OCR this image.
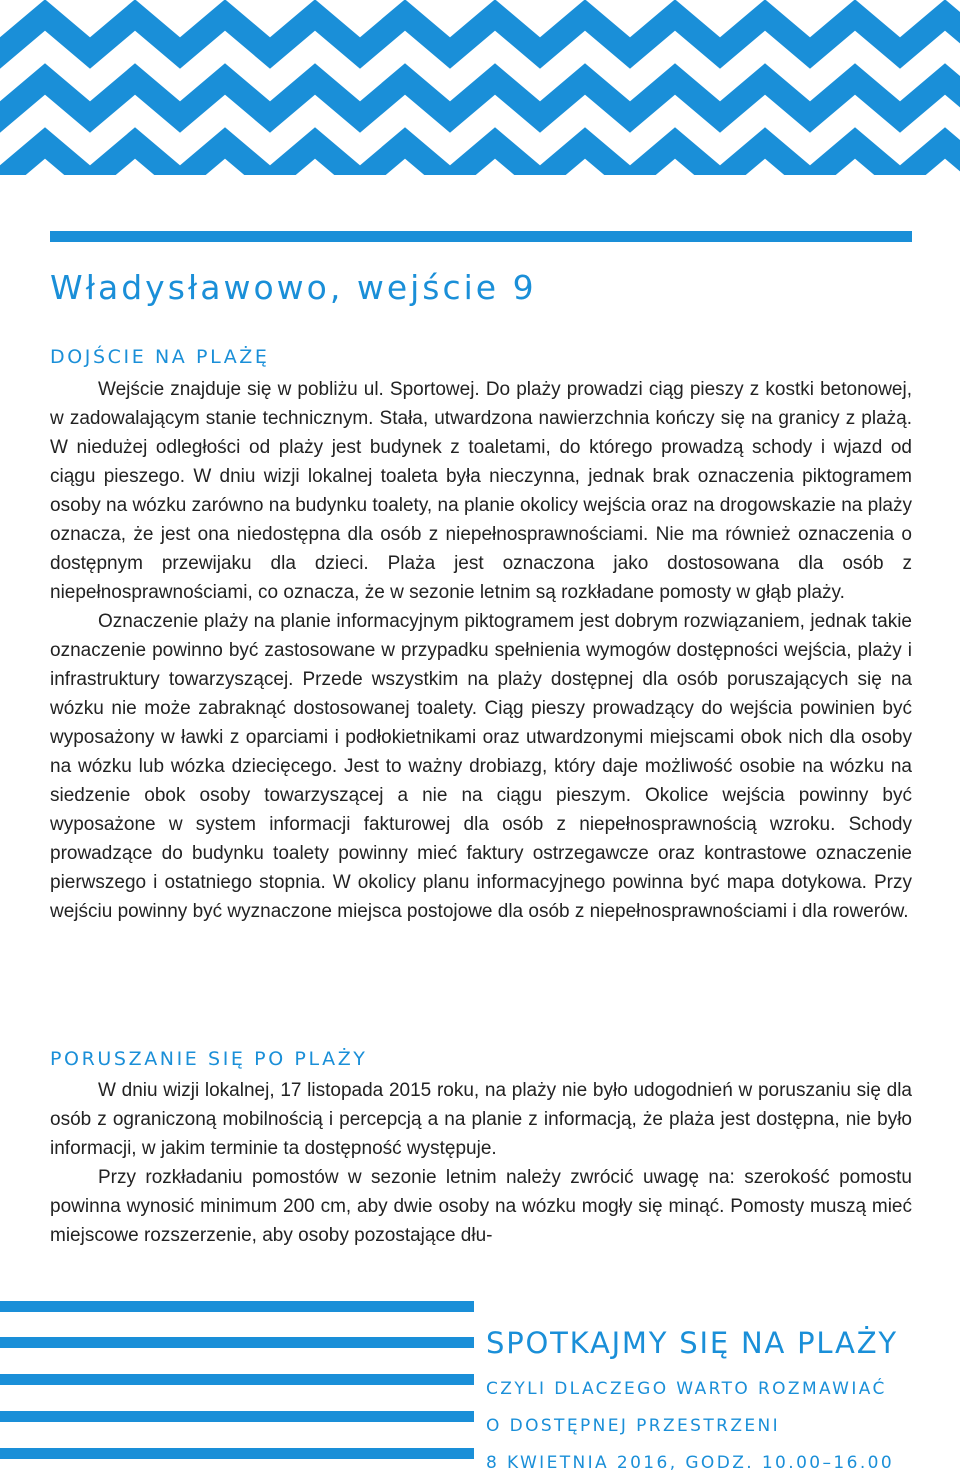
Władysławowo, wejście 9
DOJŚCIE NA PLAŻĘ

Wejście znajduje się w pobliżu ul. Sportowej. Do plaży prowadzi ciąg pieszy z kostki betonowej, w zadowalającym stanie technicznym. Stała, utwardzona nawierzchnia kończy się na granicy z plażą. W niedużej odległości od plaży jest budynek z toaletami, do którego prowadzą schody i wjazd od ciągu pieszego. W dniu wizji lokalnej toaleta była nieczynna, jednak brak oznaczenia piktogramem osoby na wózku zarówno na budynku toalety, na planie okolicy wejścia oraz na drogowskazie na plaży oznacza, że jest ona niedostępna dla osób z niepełnosprawnościami. Nie ma również oznaczenia o dostępnym przewijaku dla dzieci. Plaża jest oznaczona jako dostosowana dla osób z niepełnosprawnościami, co oznacza, że w sezonie letnim są rozkładane pomosty w głąb plaży.

Oznaczenie plaży na planie informacyjnym piktogramem jest dobrym rozwiązaniem, jednak takie oznaczenie powinno być zastosowane w przypadku spełnienia wymogów dostępności wejścia, plaży i infrastruktury towarzyszącej. Przede wszystkim na plaży dostępnej dla osób poruszających się na wózku nie może zabraknąć dostosowanej toalety. Ciąg pieszy prowadzący do wejścia powinien być wyposażony w ławki z oparciami i podłokietnikami oraz utwardzonymi miejscami obok nich dla osoby na wózku lub wózka dziecięcego. Jest to ważny drobiazg, który daje możliwość osobie na wózku na siedzenie obok osoby towarzyszącej a nie na ciągu pieszym. Okolice wejścia powinny być wyposażone w system informacji fakturowej dla osób z niepełnosprawnością wzroku. Schody prowadzące do budynku toalety powinny mieć faktury ostrzegawcze oraz kontrastowe oznaczenie pierwszego i ostatniego stopnia. W okolicy planu informacyjnego powinna być mapa dotykowa. Przy wejściu powinny być wyznaczone miejsca postojowe dla osób z niepełnosprawnościami i dla rowerów.

PORUSZANIE SIĘ PO PLAŻY

W dniu wizji lokalnej, 17 listopada 2015 roku, na plaży nie było udogodnień w poruszaniu się dla osób z ograniczoną mobilnością i percepcją a na planie z informacją, że plaża jest dostępna, nie było informacji, w jakim terminie ta dostępność występuje.

Przy rozkładaniu pomostów w sezonie letnim należy zwrócić uwagę na: szerokość pomostu powinna wynosić minimum 200 cm, aby dwie osoby na wózku mogły się minąć. Pomosty muszą mieć miejscowe rozszerzenie, aby osoby pozostające dłu-

SPOTKAJMY SIĘ NA PLAŻY
CZYLI DLACZEGO WARTO ROZMAWIAĆ
O DOSTĘPNEJ PRZESTRZENI
8 KWIETNIA 2016, GODZ. 10.00–16.00
